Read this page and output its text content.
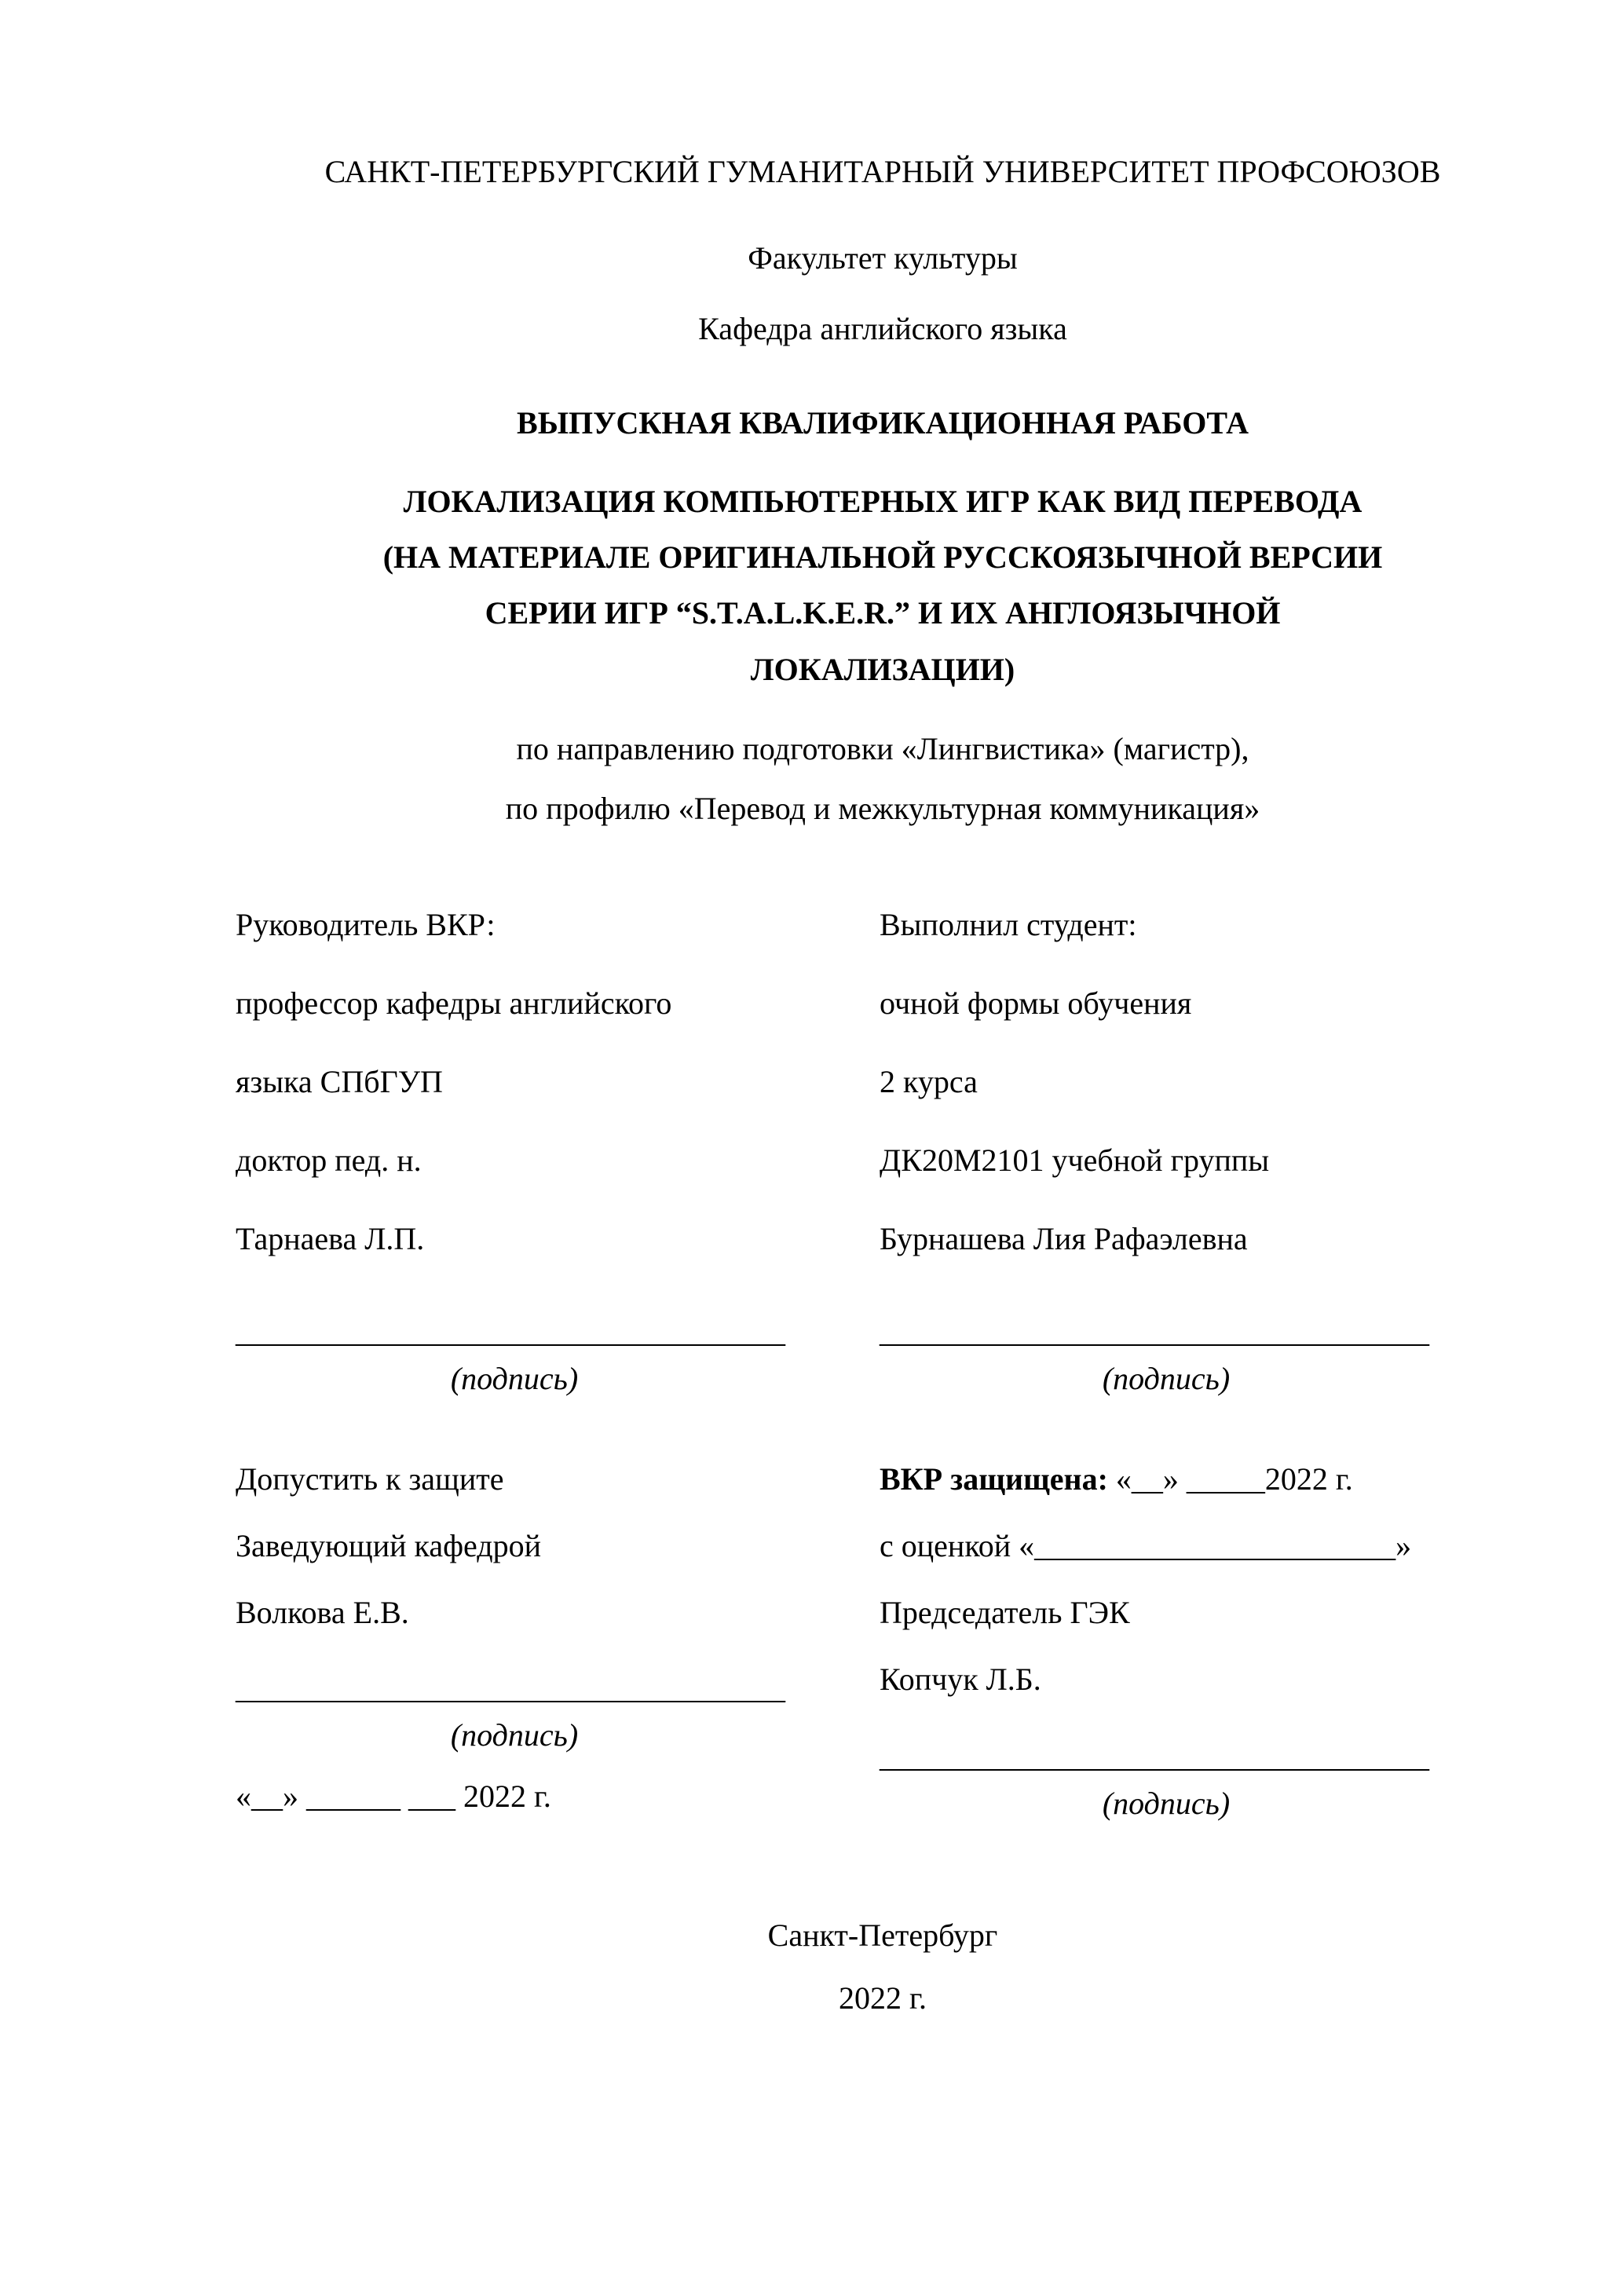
САНКТ-ПЕТЕРБУРГСКИЙ ГУМАНИТАРНЫЙ УНИВЕРСИТЕТ ПРОФСОЮЗОВ

Факультет культуры

Кафедра английского языка

ВЫПУСКНАЯ КВАЛИФИКАЦИОННАЯ РАБОТА

ЛОКАЛИЗАЦИЯ КОМПЬЮТЕРНЫХ ИГР КАК ВИД ПЕРЕВОДА
(НА МАТЕРИАЛЕ ОРИГИНАЛЬНОЙ РУССКОЯЗЫЧНОЙ ВЕРСИИ
СЕРИИ ИГР “S.T.A.L.K.E.R.” И ИХ АНГЛОЯЗЫЧНОЙ
ЛОКАЛИЗАЦИИ)

по направлению подготовки «Лингвистика» (магистр),

по профилю «Перевод и межкультурная коммуникация»

Руководитель ВКР:

профессор кафедры английского

языка СПбГУП

доктор пед. н.

Тарнаева Л.П.

___________________________________
(подпись)

Допустить к защите

Заведующий кафедрой

Волкова Е.В.

___________________________________
(подпись)
«__» ______ ___ 2022 г.

Выполнил студент:

очной формы обучения

2 курса

ДК20М2101 учебной группы

Бурнашева Лия Рафаэлевна

___________________________________
(подпись)

ВКР защищена: «__» _____2022 г.

с оценкой «_______________________»

Председатель ГЭК

Копчук Л.Б.

___________________________________
(подпись)
Санкт-Петербург
2022 г.
